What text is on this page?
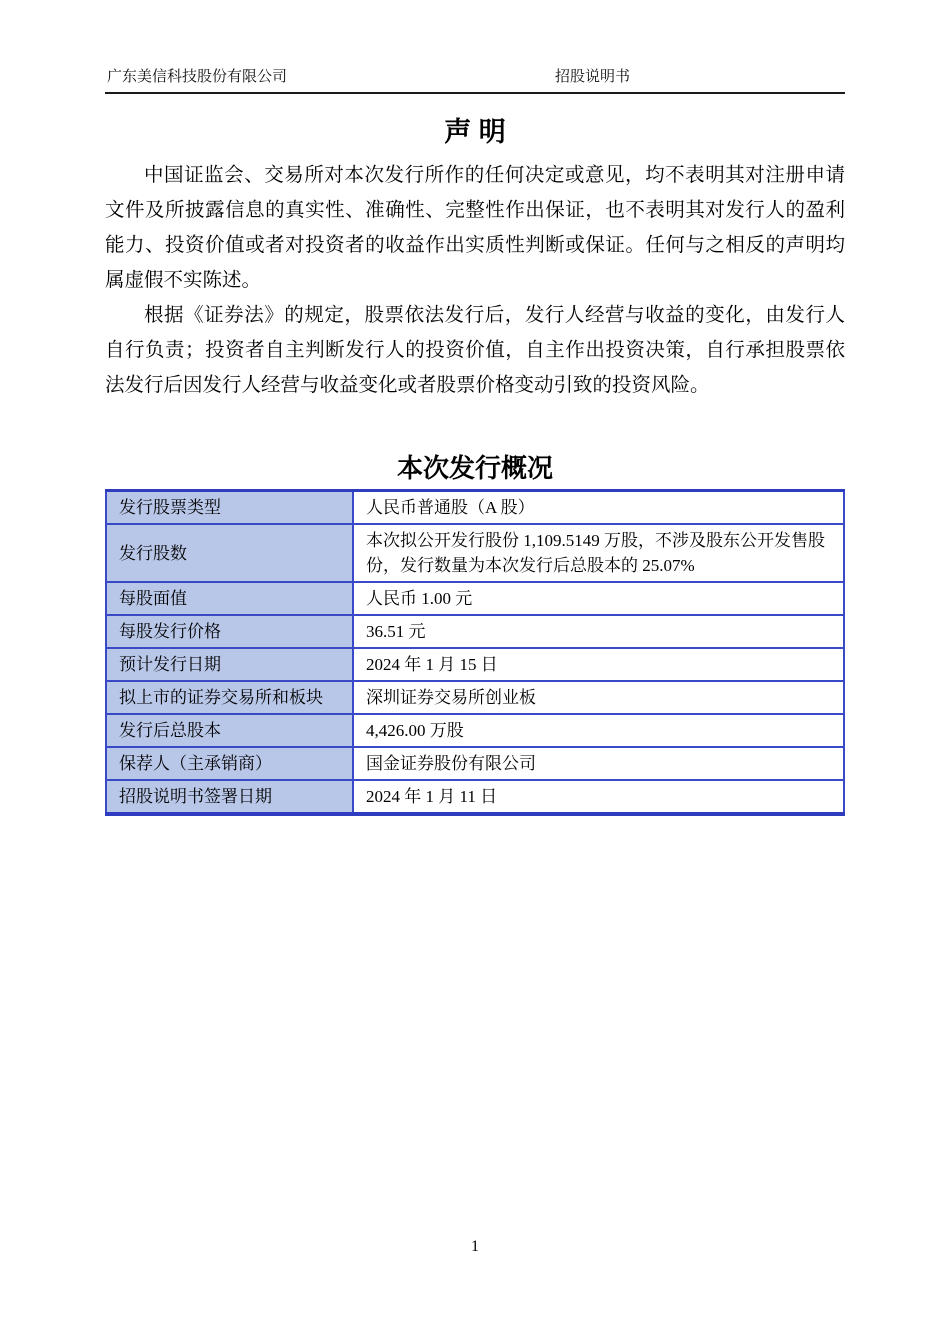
广东美信科技股份有限公司	招股说明书
声 明

中国证监会、交易所对本次发行所作的任何决定或意见，均不表明其对注册申请文件及所披露信息的真实性、准确性、完整性作出保证，也不表明其对发行人的盈利能力、投资价值或者对投资者的收益作出实质性判断或保证。任何与之相反的声明均属虚假不实陈述。

根据《证券法》的规定，股票依法发行后，发行人经营与收益的变化，由发行人自行负责；投资者自主判断发行人的投资价值，自主作出投资决策，自行承担股票依法发行后因发行人经营与收益变化或者股票价格变动引致的投资风险。

本次发行概况
发行股票类型	人民币普通股（A 股）
发行股数	本次拟公开发行股份 1,109.5149 万股，不涉及股东公开发售股份，发行数量为本次发行后总股本的 25.07%
每股面值	人民币 1.00 元
每股发行价格	36.51 元
预计发行日期	2024 年 1 月 15 日
拟上市的证券交易所和板块	深圳证券交易所创业板
发行后总股本	4,426.00 万股
保荐人（主承销商）	国金证券股份有限公司
招股说明书签署日期	2024 年 1 月 11 日
1
